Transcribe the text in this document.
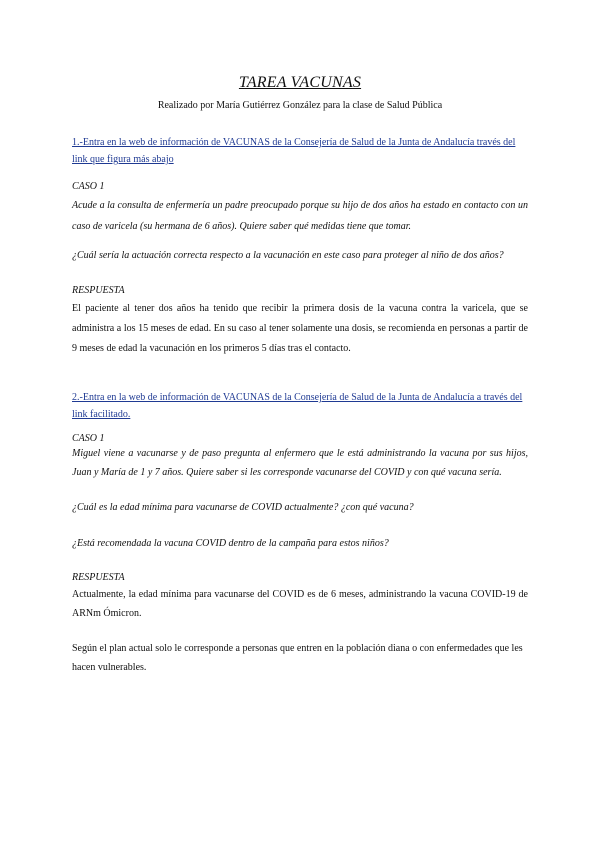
TAREA VACUNAS
Realizado por María Gutiérrez González para la clase de Salud Pública
1.-Entra en la web de información de VACUNAS de la Consejería de Salud de la Junta de Andalucía través del link que figura más abajo
CASO 1
Acude a la consulta de enfermería un padre preocupado porque su hijo de dos años ha estado en contacto con un caso de varicela (su hermana de 6 años). Quiere saber qué medidas tiene que tomar.
¿Cuál sería la actuación correcta respecto a la vacunación en este caso para proteger al niño de dos años?
RESPUESTA
El paciente al tener dos años ha tenido que recibir la primera dosis de la vacuna contra la varicela, que se administra a los 15 meses de edad. En su caso al tener solamente una dosis, se recomienda en personas a partir de 9 meses de edad la vacunación en los primeros 5 días tras el contacto.
2.-Entra en la web de información de VACUNAS de la Consejería de Salud de la Junta de Andalucía a través del link facilitado.
CASO 1
Miguel viene a vacunarse y de paso pregunta al enfermero que le está administrando la vacuna por sus hijos, Juan y María de 1 y 7 años. Quiere saber si les corresponde vacunarse del COVID y con qué vacuna sería.
¿Cuál es la edad mínima para vacunarse de COVID actualmente? ¿con qué vacuna?
¿Está recomendada la vacuna COVID dentro de la campaña para estos niños?
RESPUESTA
Actualmente, la edad mínima para vacunarse del COVID es de 6 meses, administrando la vacuna COVID-19 de ARNm Ómicron.
Según el plan actual solo le corresponde a personas que entren en la población diana o con enfermedades que les hacen vulnerables.
